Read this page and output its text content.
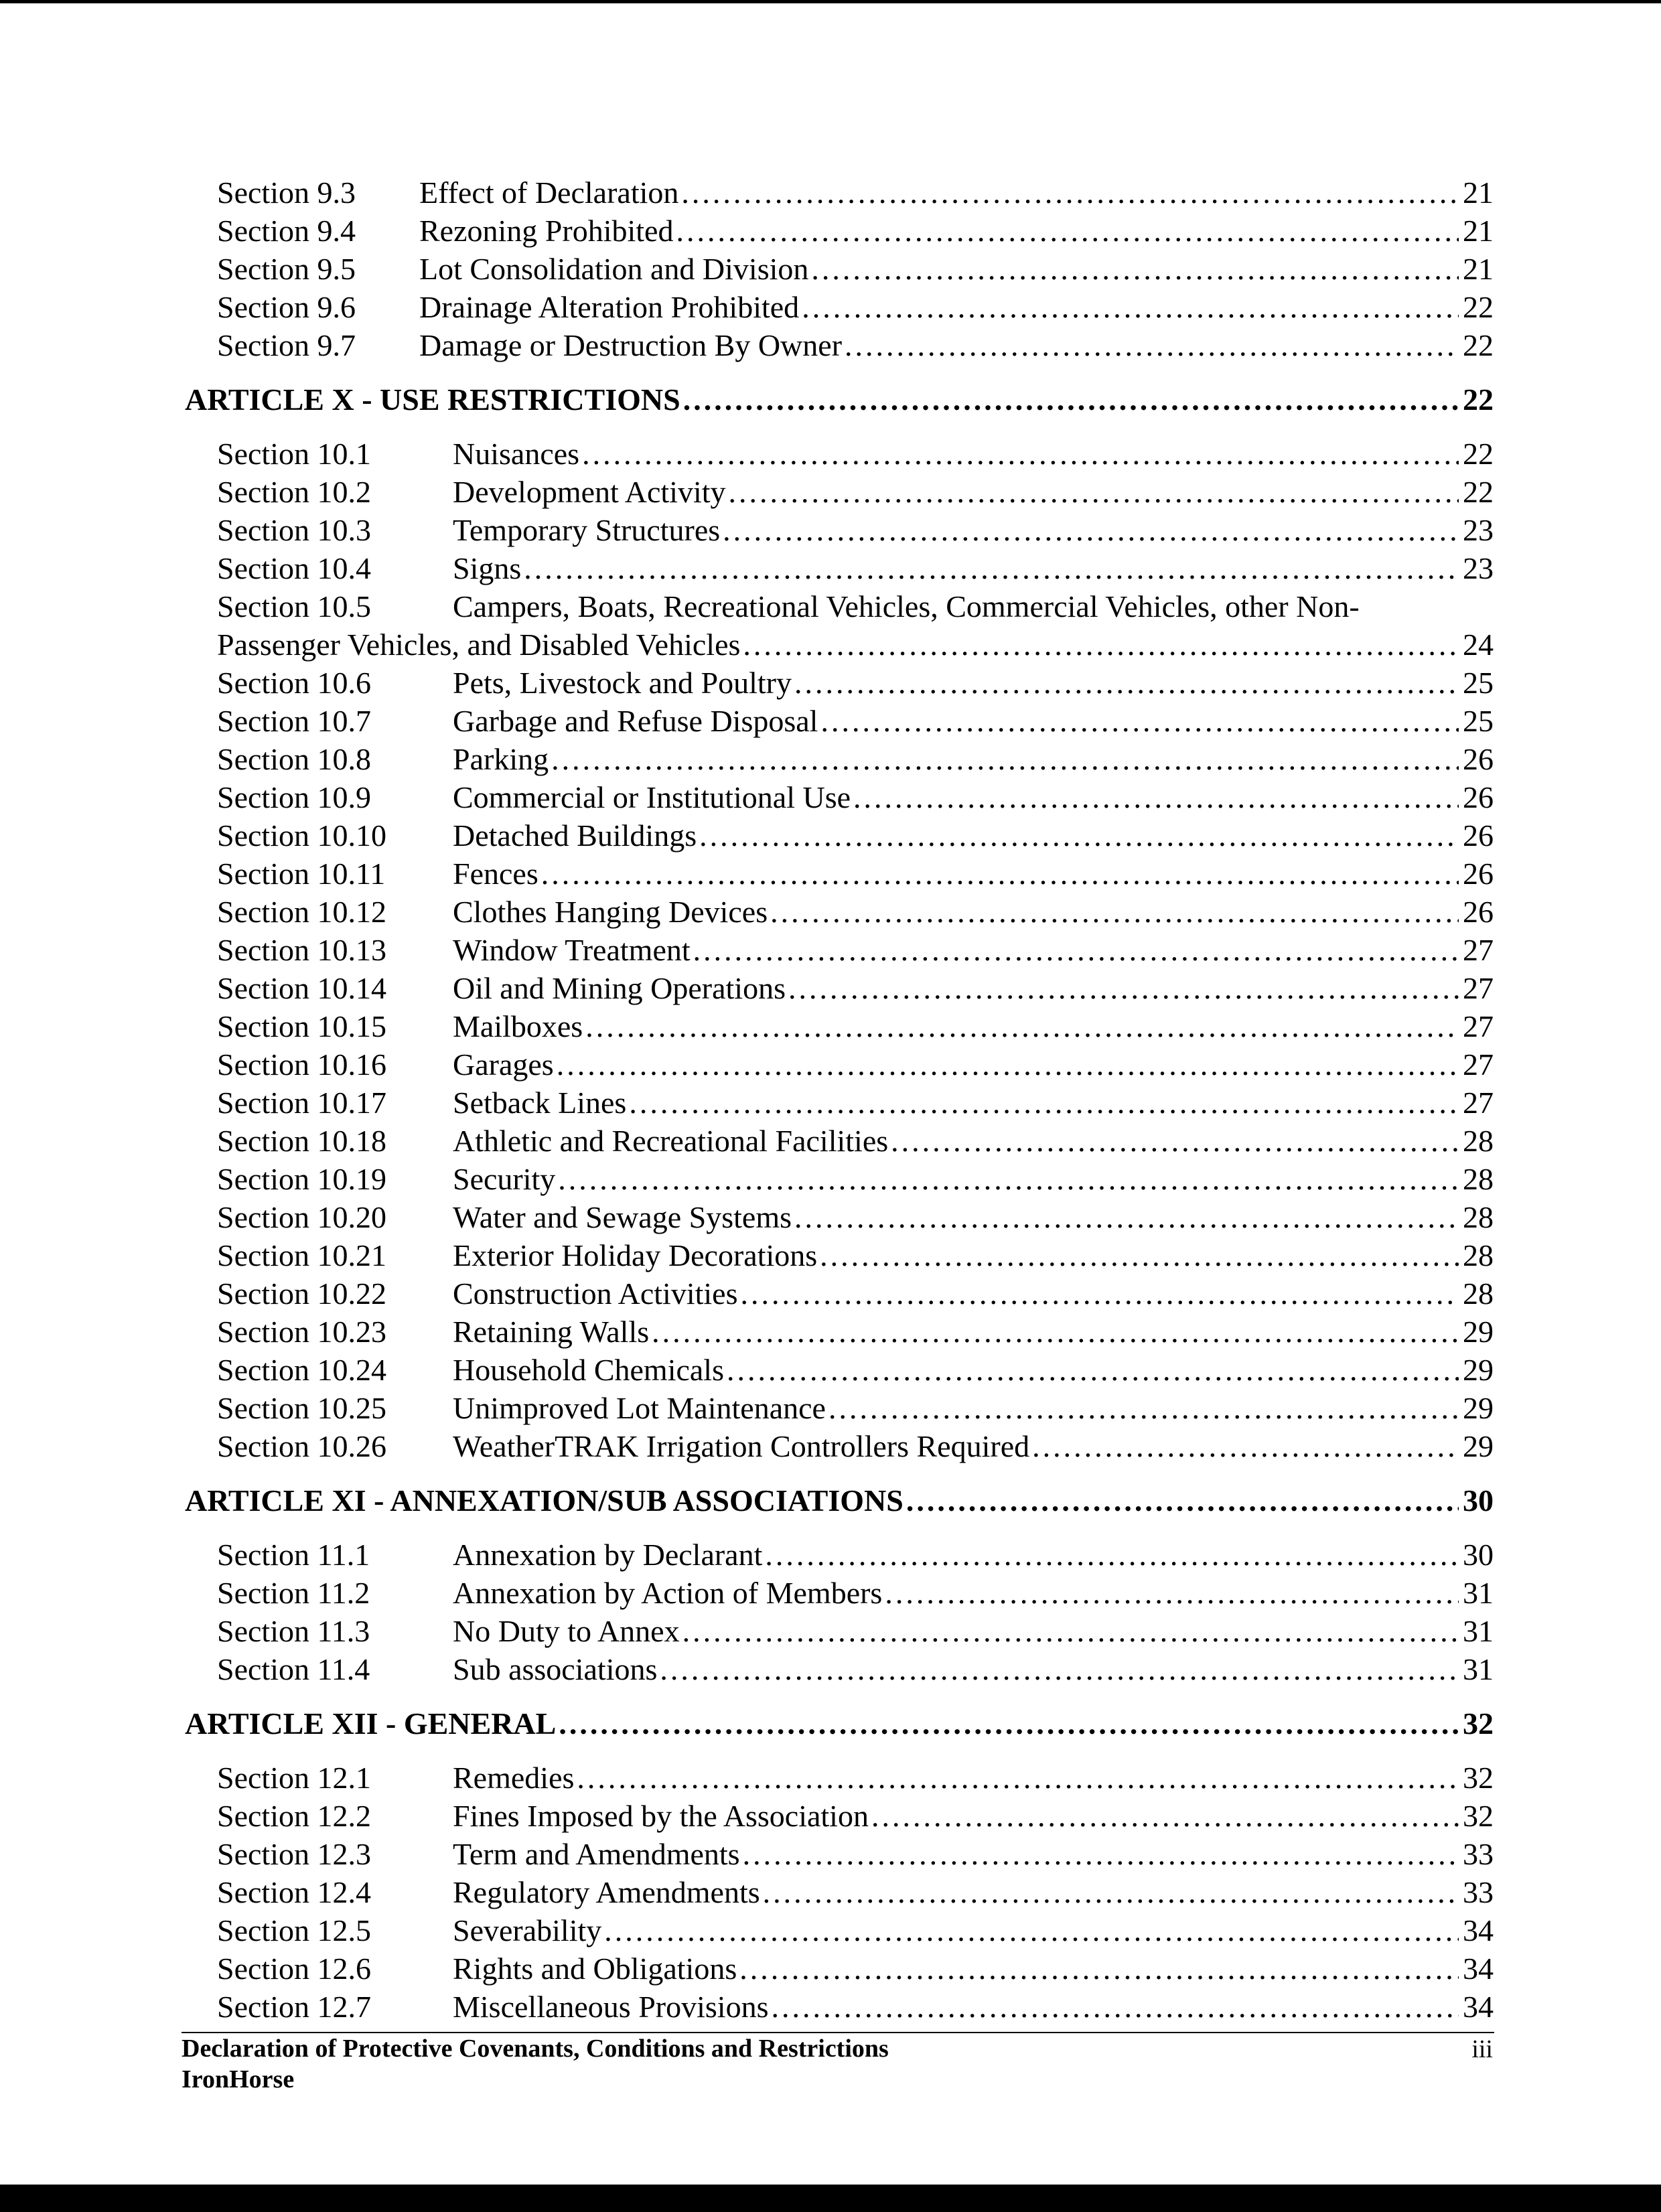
Section 9.3	Effect of Declaration .....	21
Section 9.4	Rezoning Prohibited .....	21
Section 9.5	Lot Consolidation and Division .....	21
Section 9.6	Drainage Alteration Prohibited .....	22
Section 9.7	Damage or Destruction By Owner .....	22
ARTICLE X - USE RESTRICTIONS .....	22
Section 10.1	Nuisances .....	22
Section 10.2	Development Activity .....	22
Section 10.3	Temporary Structures .....	23
Section 10.4	Signs .....	23
Section 10.5	Campers, Boats, Recreational Vehicles, Commercial Vehicles, other Non-
Passenger Vehicles, and Disabled Vehicles .....	24
Section 10.6	Pets, Livestock and Poultry .....	25
Section 10.7	Garbage and Refuse Disposal .....	25
Section 10.8	Parking .....	26
Section 10.9	Commercial or Institutional Use .....	26
Section 10.10	Detached Buildings .....	26
Section 10.11	Fences .....	26
Section 10.12	Clothes Hanging Devices .....	26
Section 10.13	Window Treatment .....	27
Section 10.14	Oil and Mining Operations .....	27
Section 10.15	Mailboxes .....	27
Section 10.16	Garages .....	27
Section 10.17	Setback Lines .....	27
Section 10.18	Athletic and Recreational Facilities .....	28
Section 10.19	Security .....	28
Section 10.20	Water and Sewage Systems .....	28
Section 10.21	Exterior Holiday Decorations .....	28
Section 10.22	Construction Activities .....	28
Section 10.23	Retaining Walls .....	29
Section 10.24	Household Chemicals .....	29
Section 10.25	Unimproved Lot Maintenance .....	29
Section 10.26	WeatherTRAK Irrigation Controllers Required .....	29
ARTICLE XI - ANNEXATION/SUB ASSOCIATIONS .....	30
Section 11.1	Annexation by Declarant .....	30
Section 11.2	Annexation by Action of Members .....	31
Section 11.3	No Duty to Annex .....	31
Section 11.4	Sub associations .....	31
ARTICLE XII - GENERAL .....	32
Section 12.1	Remedies .....	32
Section 12.2	Fines Imposed by the Association .....	32
Section 12.3	Term and Amendments .....	33
Section 12.4	Regulatory Amendments .....	33
Section 12.5	Severability .....	34
Section 12.6	Rights and Obligations .....	34
Section 12.7	Miscellaneous Provisions .....	34
Declaration of Protective Covenants, Conditions and Restrictions
IronHorse
iii
